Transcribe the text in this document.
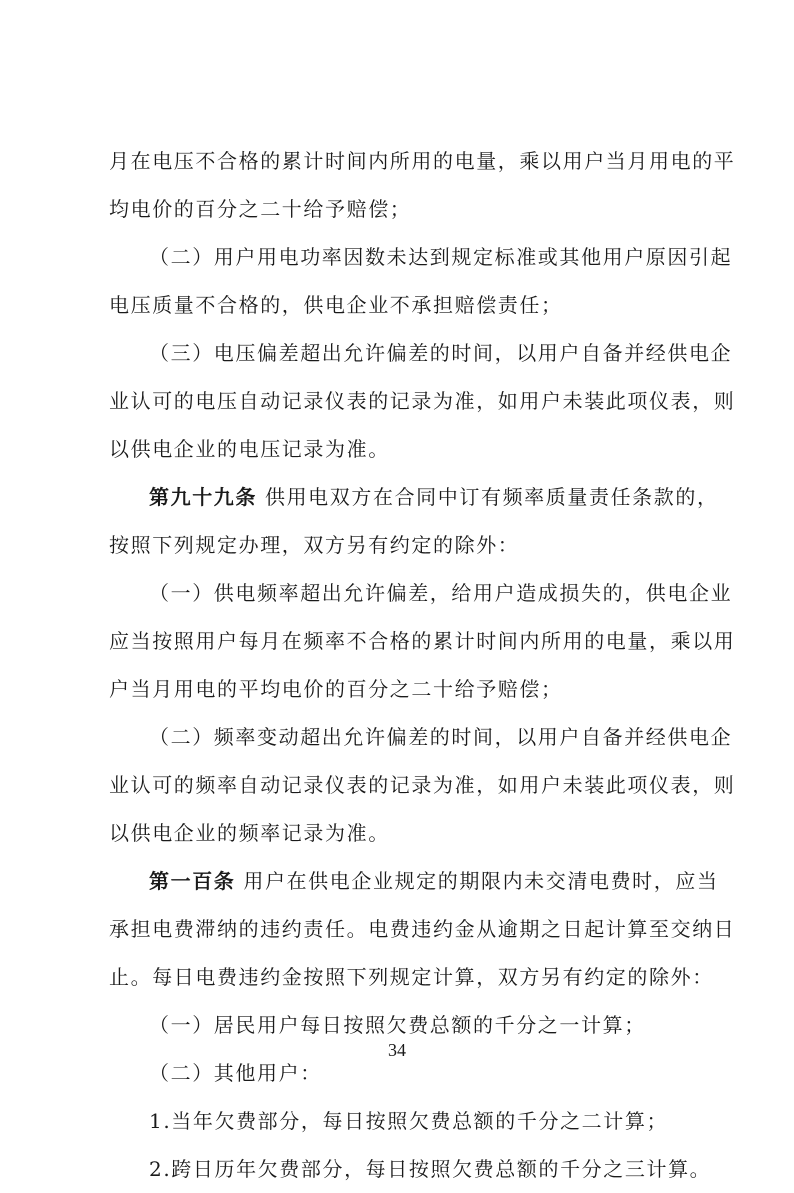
月在电压不合格的累计时间内所用的电量，乘以用户当月用电的平
均电价的百分之二十给予赔偿；
（二）用户用电功率因数未达到规定标准或其他用户原因引起
电压质量不合格的，供电企业不承担赔偿责任；
（三）电压偏差超出允许偏差的时间，以用户自备并经供电企
业认可的电压自动记录仪表的记录为准，如用户未装此项仪表，则
以供电企业的电压记录为准。
第九十九条 供用电双方在合同中订有频率质量责任条款的，
按照下列规定办理，双方另有约定的除外：
（一）供电频率超出允许偏差，给用户造成损失的，供电企业
应当按照用户每月在频率不合格的累计时间内所用的电量，乘以用
户当月用电的平均电价的百分之二十给予赔偿；
（二）频率变动超出允许偏差的时间，以用户自备并经供电企
业认可的频率自动记录仪表的记录为准，如用户未装此项仪表，则
以供电企业的频率记录为准。
第一百条 用户在供电企业规定的期限内未交清电费时，应当
承担电费滞纳的违约责任。电费违约金从逾期之日起计算至交纳日
止。每日电费违约金按照下列规定计算，双方另有约定的除外：
（一）居民用户每日按照欠费总额的千分之一计算；
（二）其他用户：
1.当年欠费部分，每日按照欠费总额的千分之二计算；
2.跨日历年欠费部分，每日按照欠费总额的千分之三计算。
34
